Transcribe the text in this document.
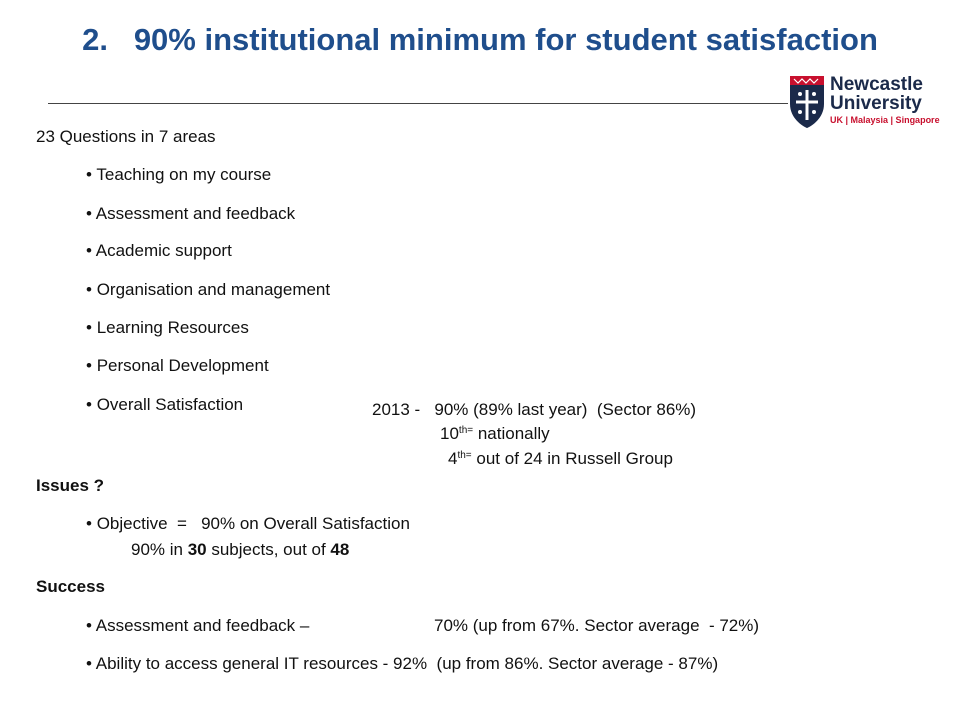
2. 90% institutional minimum for student satisfaction
Newcastle
University
UK | Malaysia | Singapore
23 Questions in 7 areas
• Teaching on my course
• Assessment and feedback
• Academic support
• Organisation and management
• Learning Resources
• Personal Development
• Overall Satisfaction	2013 -   90% (89% last year)  (Sector 86%)
$10^{th=}$ nationally
$4^{th=}$ out of 24 in Russell Group
Issues ?
• Objective  =   90% on Overall Satisfaction
90% in 30 subjects, out of 48
Success
• Assessment and feedback –	70% (up from 67%. Sector average  - 72%)
• Ability to access general IT resources - 92%  (up from 86%. Sector average - 87%)
